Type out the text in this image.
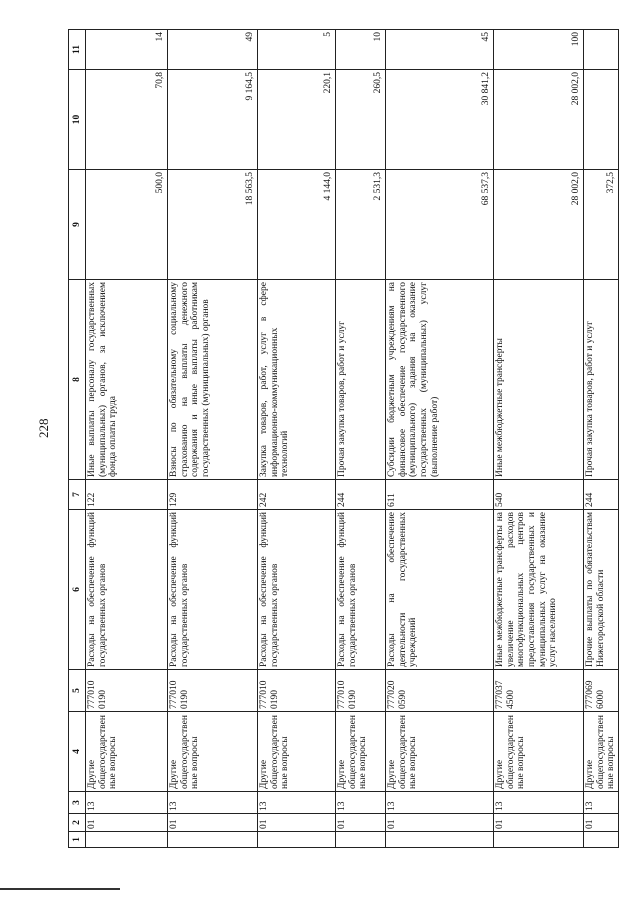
228
1	2	3	4	5	6	7	8	9	10	11
	01	13	Другие общегосударственные вопросы	777010 0190	Расходы на обеспечение функций государственных органов	122	Иные выплаты персоналу государственных (муниципальных) органов, за исключением фонда оплаты труда	500,0	70,8	14
	01	13	Другие общегосударственные вопросы	777010 0190	Расходы на обеспечение функций государственных органов	129	Взносы по обязательному социальному страхованию на выплаты денежного содержания и иные выплаты работникам государственных (муниципальных) органов	18 563,5	9 164,5	49
	01	13	Другие общегосударственные вопросы	777010 0190	Расходы на обеспечение функций государственных органов	242	Закупка товаров, работ, услуг в сфере информационно-коммуникационных технологий	4 144,0	220,1	5
	01	13	Другие общегосударственные вопросы	777010 0190	Расходы на обеспечение функций государственных органов	244	Прочая закупка товаров, работ и услуг	2 531,3	260,5	10
	01	13	Другие общегосударственные вопросы	777020 0590	Расходы на обеспечение деятельности государственных учреждений	611	Субсидии бюджетным учреждениям на финансовое обеспечение государственного (муниципального) задания на оказание государственных (муниципальных) услуг (выполнение работ)	68 537,3	30 841,2	45
	01	13	Другие общегосударственные вопросы	777037 4500	Иные межбюджетные трансферты на увеличение расходов многофункциональных центров предоставления государственных и муниципальных услуг на оказание услуг населению	540	Иные межбюджетные трансферты	28 002,0	28 002,0	100
	01	13	Другие общегосударственные вопросы	777069 6000	Прочие выплаты по обязательствам Нижегородской области	244	Прочая закупка товаров, работ и услуг	372,5		
